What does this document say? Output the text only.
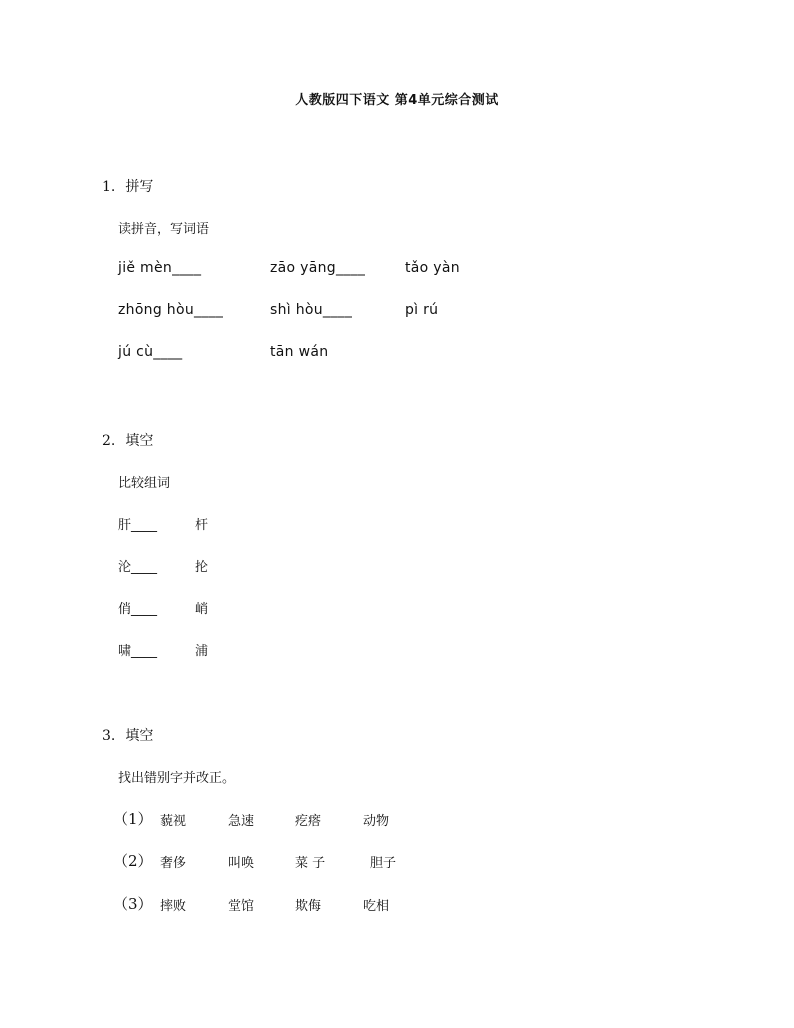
人教版四下语文 第4单元综合测试
1. 拼写
读拼音，写词语
jiě mèn____	zāo yāng____	tǎo yàn
zhōng hòu____	shì hòu____	pì rú
jú cù____	tān wán
2. 填空
比较组词
肝____	杆
沦____	抡
俏____	峭
啸____	浦
3. 填空
找出错别字并改正。
（1） 藐视	急速	疙瘩	动物
（2） 奢侈	叫唤	菜 子	胆子
（3） 摔败	堂馆	欺侮	吃相
